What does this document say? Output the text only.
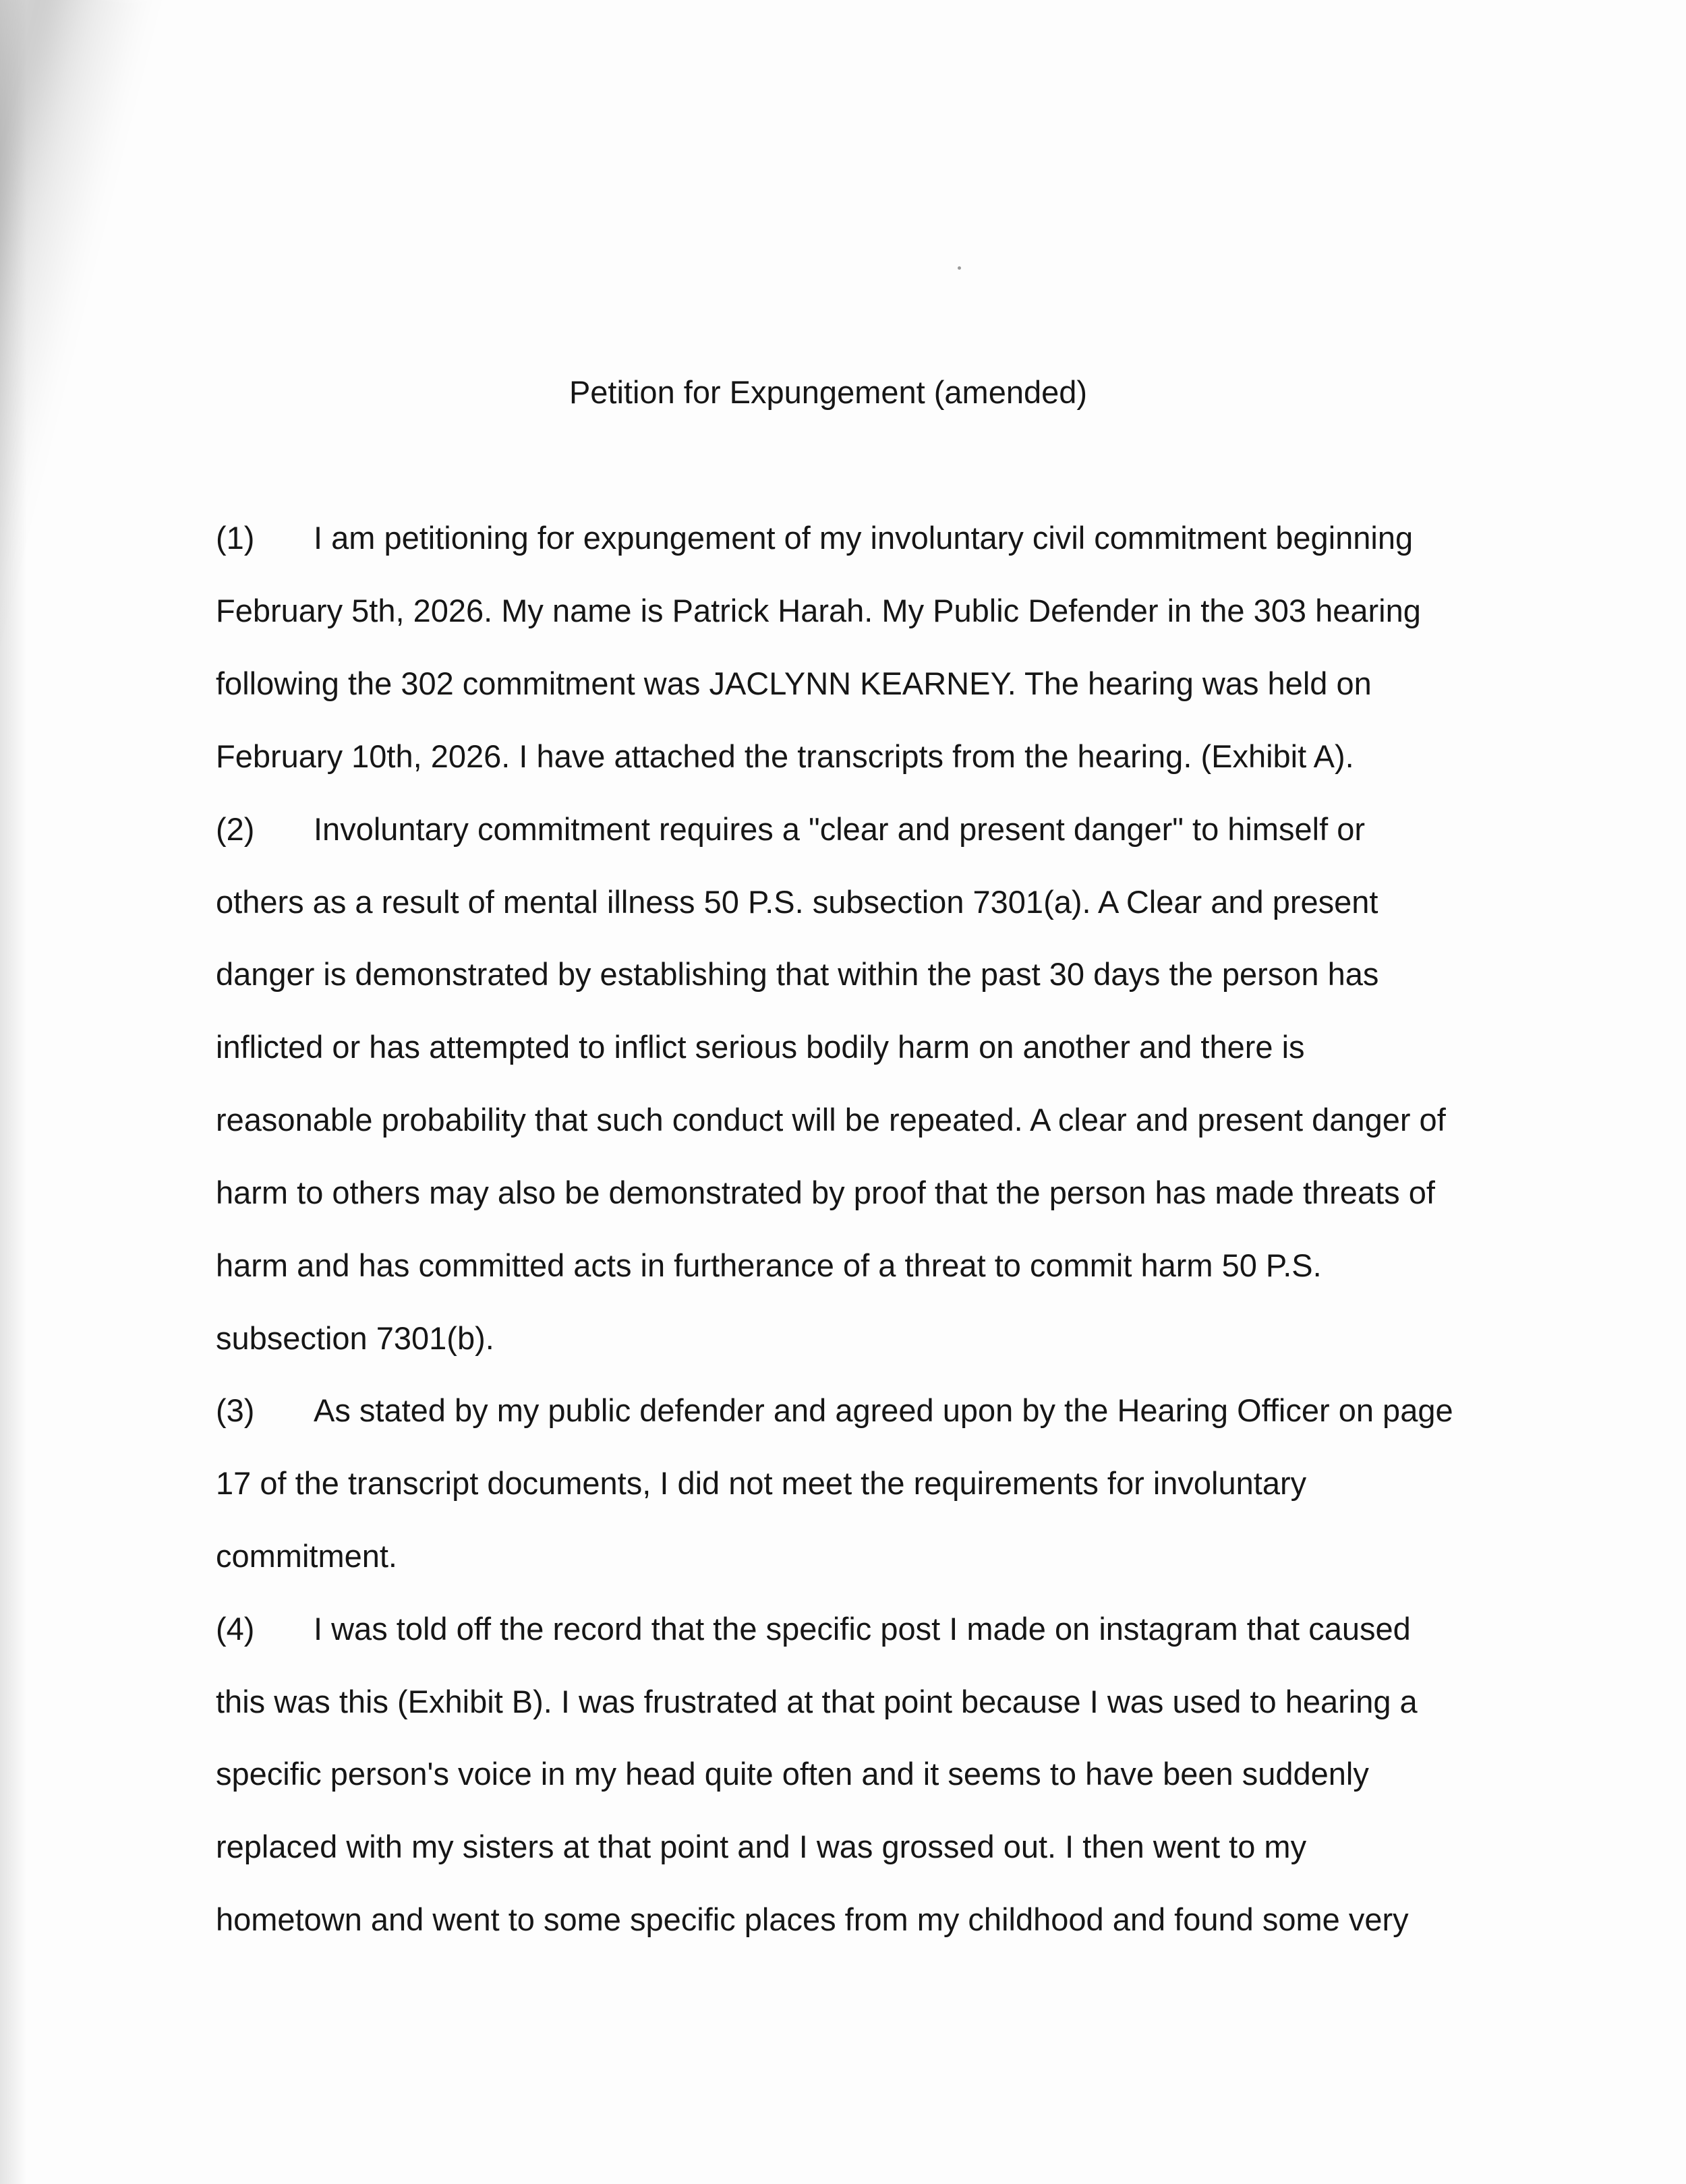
Petition for Expungement (amended)
(1) I am petitioning for expungement of my involuntary civil commitment beginning
February 5th, 2026. My name is Patrick Harah. My Public Defender in the 303 hearing
following the 302 commitment was JACLYNN KEARNEY. The hearing was held on
February 10th, 2026. I have attached the transcripts from the hearing. (Exhibit A).
(2) Involuntary commitment requires a "clear and present danger" to himself or
others as a result of mental illness 50 P.S. subsection 7301(a). A Clear and present
danger is demonstrated by establishing that within the past 30 days the person has
inflicted or has attempted to inflict serious bodily harm on another and there is
reasonable probability that such conduct will be repeated. A clear and present danger of
harm to others may also be demonstrated by proof that the person has made threats of
harm and has committed acts in furtherance of a threat to commit harm 50 P.S.
subsection 7301(b).
(3) As stated by my public defender and agreed upon by the Hearing Officer on page
17 of the transcript documents, I did not meet the requirements for involuntary
commitment.
(4) I was told off the record that the specific post I made on instagram that caused
this was this (Exhibit B). I was frustrated at that point because I was used to hearing a
specific person's voice in my head quite often and it seems to have been suddenly
replaced with my sisters at that point and I was grossed out. I then went to my
hometown and went to some specific places from my childhood and found some very
